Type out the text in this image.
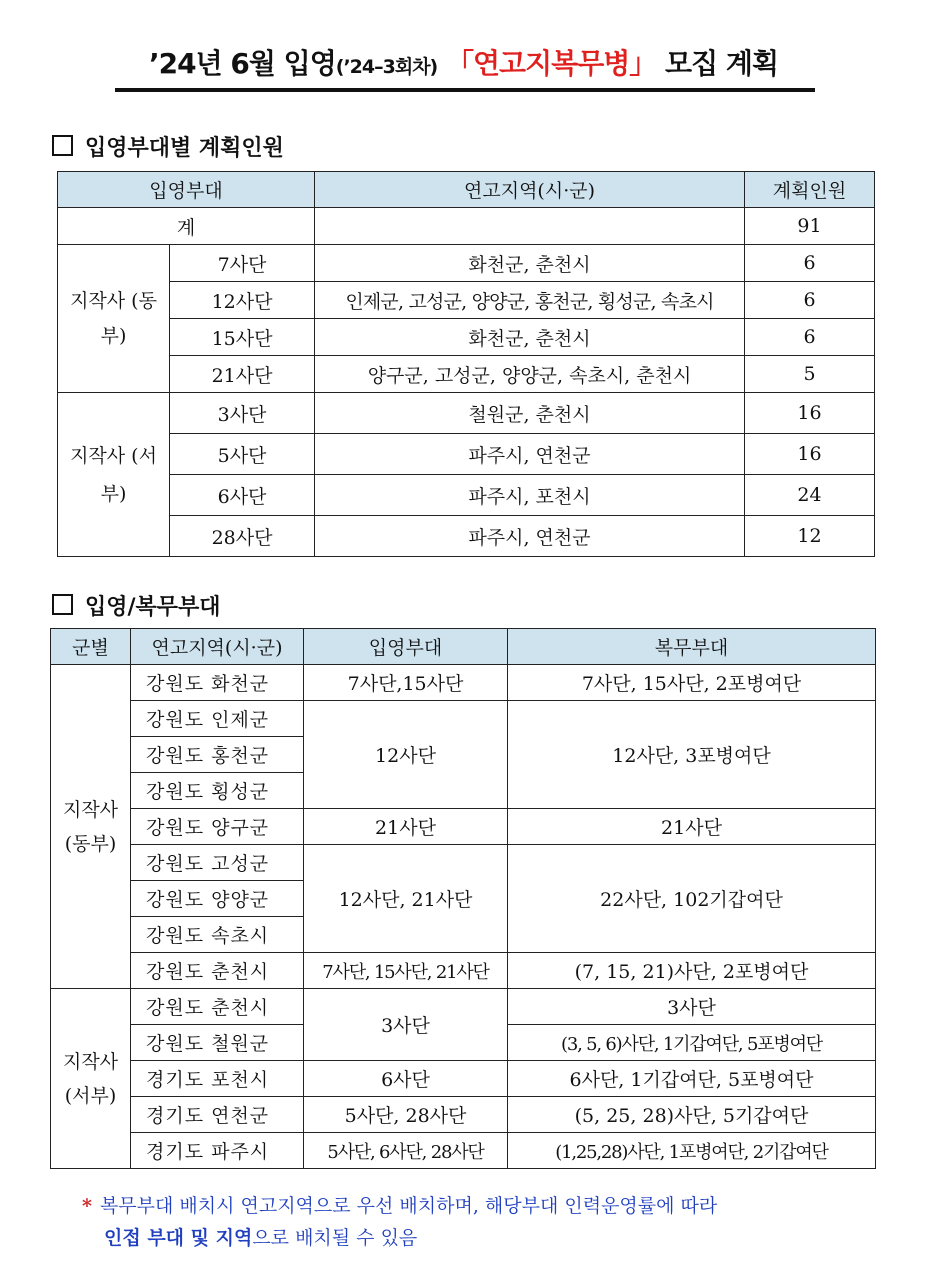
’24년 6월 입영(’24–3회차) 「연고지복무병」 모집 계획
입영부대별 계획인원
입영부대		연고지역(시·군)	계획인원
계			91
지작사 (동부)	7사단	화천군, 춘천시	6
	12사단	인제군, 고성군, 양양군, 홍천군, 횡성군, 속초시	6
	15사단	화천군, 춘천시	6
	21사단	양구군, 고성군, 양양군, 속초시, 춘천시	5
지작사 (서부)	3사단	철원군, 춘천시	16
	5사단	파주시, 연천군	16
	6사단	파주시, 포천시	24
	28사단	파주시, 연천군	12
입영/복무부대
군별	연고지역(시·군)	입영부대	복무부대
지작사 (동부)	강원도 화천군	7사단,15사단	7사단, 15사단, 2포병여단
	강원도 인제군	12사단	12사단, 3포병여단
	강원도 홍천군		
	강원도 횡성군		
	강원도 양구군	21사단	21사단
	강원도 고성군	12사단, 21사단	22사단, 102기갑여단
	강원도 양양군		
	강원도 속초시		
	강원도 춘천시	7사단, 15사단, 21사단	(7, 15, 21)사단, 2포병여단
지작사 (서부)	강원도 춘천시	3사단	3사단
	강원도 철원군		(3, 5, 6)사단, 1기갑여단, 5포병여단
	경기도 포천시	6사단	6사단, 1기갑여단, 5포병여단
	경기도 연천군	5사단, 28사단	(5, 25, 28)사단, 5기갑여단
	경기도 파주시	5사단, 6사단, 28사단	(1,25,28)사단, 1포병여단, 2기갑여단
* 복무부대 배치시 연고지역으로 우선 배치하며, 해당부대 인력운영률에 따라
인접 부대 및 지역으로 배치될 수 있음
